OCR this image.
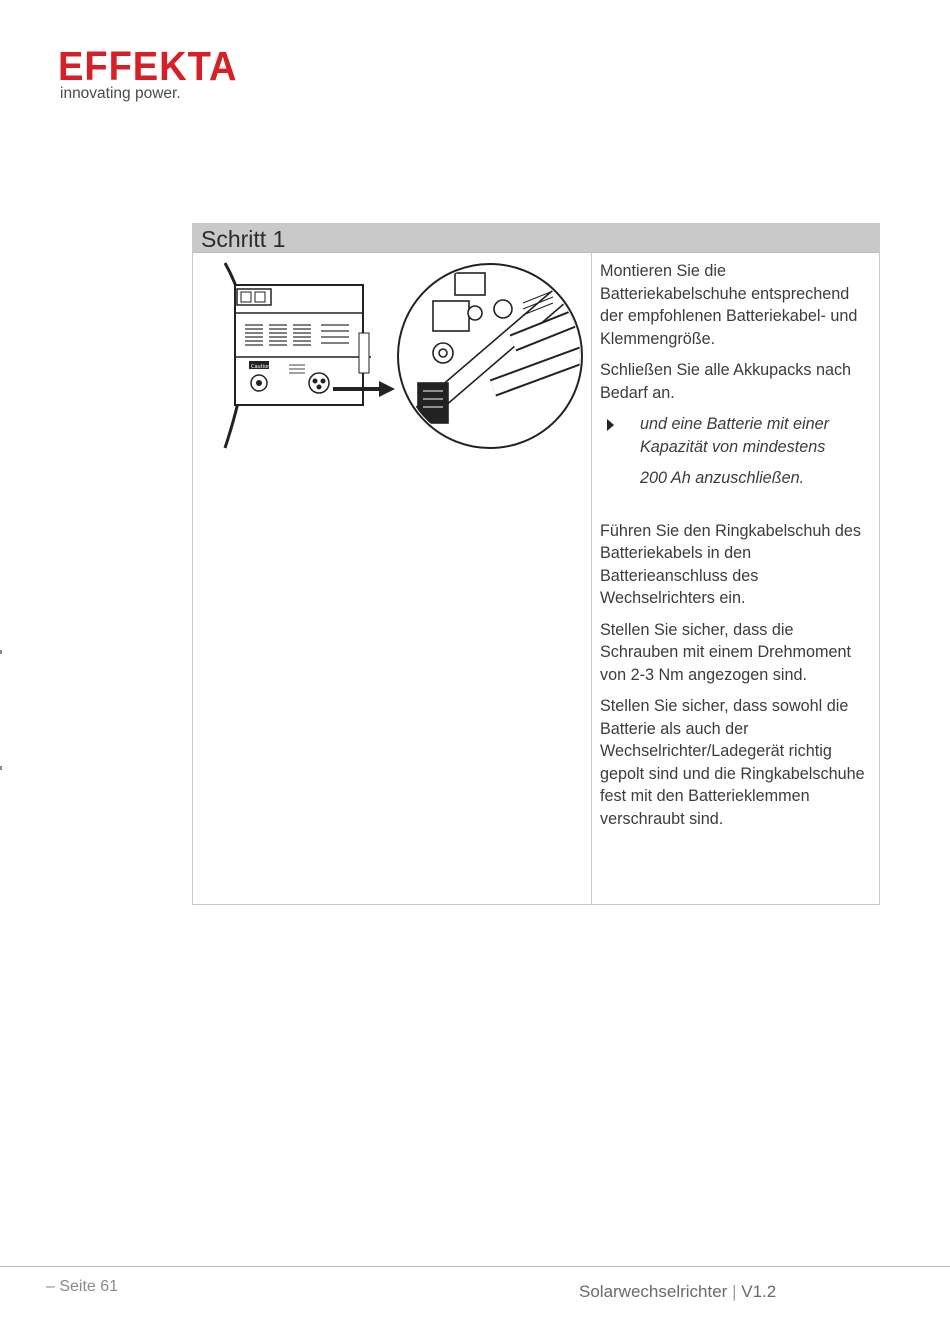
EFFEKTA
innovating power.
Schritt 1
Caution

Montieren Sie die Batteriekabelschuhe entsprechend der empfohlenen Batteriekabel- und Klemmengröße.

Schließen Sie alle Akkupacks nach Bedarf an.

und eine Batterie mit einer Kapazität von mindestens
200 Ah anzuschließen.

Führen Sie den Ringkabelschuh des Batteriekabels in den Batterieanschluss des Wechselrichters ein.

Stellen Sie sicher, dass die Schrauben mit einem Drehmoment von 2-3 Nm angezogen sind.

Stellen Sie sicher, dass sowohl die Batterie als auch der Wechselrichter/Ladegerät richtig gepolt sind und die Ringkabelschuhe fest mit den Batterieklemmen verschraubt sind.

– Seite 61	Solarwechselrichter | V1.2
